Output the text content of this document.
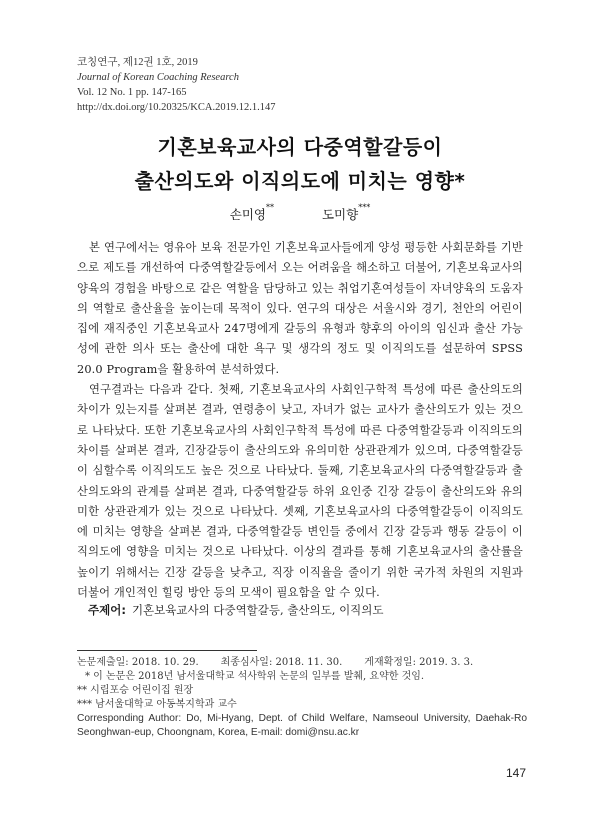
코칭연구, 제12권 1호, 2019
Journal of Korean Coaching Research
Vol. 12 No. 1 pp. 147-165
http://dx.doi.org/10.20325/KCA.2019.12.1.147
기혼보육교사의 다중역할갈등이
출산의도와 이직의도에 미치는 영향*
손미영**	도미향***

본 연구에서는 영유아 보육 전문가인 기혼보육교사들에게 양성 평등한 사회문화를 기반으로 제도를 개선하여 다중역할갈등에서 오는 어려움을 해소하고 더불어, 기혼보육교사의 양육의 경험을 바탕으로 같은 역할을 담당하고 있는 취업기혼여성들이 자녀양육의 도움자의 역할로 출산율을 높이는데 목적이 있다. 연구의 대상은 서울시와 경기, 천안의 어린이집에 재직중인 기혼보육교사 247명에게 갈등의 유형과 향후의 아이의 임신과 출산 가능성에 관한 의사 또는 출산에 대한 욕구 및 생각의 정도 및 이직의도를 설문하여 SPSS 20.0 Program을 활용하여 분석하였다.

연구결과는 다음과 같다. 첫째, 기혼보육교사의 사회인구학적 특성에 따른 출산의도의 차이가 있는지를 살펴본 결과, 연령층이 낮고, 자녀가 없는 교사가 출산의도가 있는 것으로 나타났다. 또한 기혼보육교사의 사회인구학적 특성에 따른 다중역할갈등과 이직의도의 차이를 살펴본 결과, 긴장갈등이 출산의도와 유의미한 상관관계가 있으며, 다중역할갈등이 심할수록 이직의도도 높은 것으로 나타났다. 둘째, 기혼보육교사의 다중역할갈등과 출산의도와의 관계를 살펴본 결과, 다중역할갈등 하위 요인중 긴장 갈등이 출산의도와 유의미한 상관관계가 있는 것으로 나타났다. 셋째, 기혼보육교사의 다중역할갈등이 이직의도에 미치는 영향을 살펴본 결과, 다중역할갈등 변인들 중에서 긴장 갈등과 행동 갈등이 이직의도에 영향을 미치는 것으로 나타났다. 이상의 결과를 통해 기혼보육교사의 출산률을 높이기 위해서는 긴장 갈등을 낮추고, 직장 이직율을 줄이기 위한 국가적 차원의 지원과 더불어 개인적인 힐링 방안 등의 모색이 필요함을 알 수 있다.

주제어: 기혼보육교사의 다중역할갈등, 출산의도, 이직의도
논문제출일: 2018. 10. 29. 최종심사일: 2018. 11. 30. 게재확정일: 2019. 3. 3.
* 이 논문은 2018년 남서울대학교 석사학위 논문의 일부를 발췌, 요약한 것임.
** 시립포승 어린이집 원장
*** 남서울대학교 아동복지학과 교수
Corresponding Author: Do, Mi-Hyang, Dept. of Child Welfare, Namseoul University, Daehak-Ro Seonghwan-eup, Choongnam, Korea, E-mail: domi@nsu.ac.kr
147
